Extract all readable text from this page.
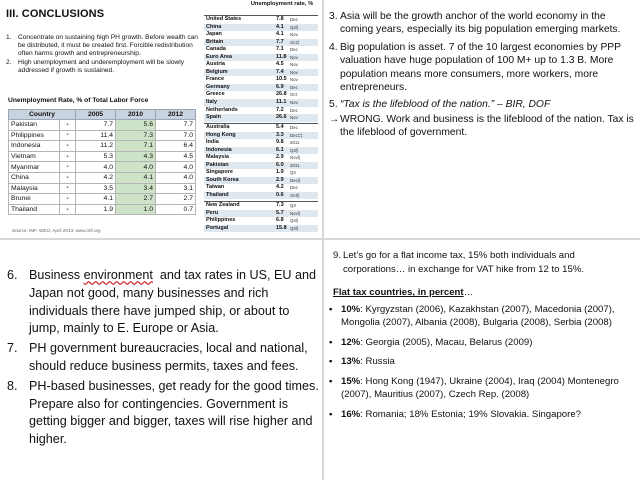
III. CONCLUSIONS
1. Concentrate on sustaining high PH growth. Before wealth can be distributed, it must be created first. Forcible redistribution often harms growth and entrepreneurship.
2. High unemployment and underemployment will be slowly addressed if growth is sustained.
Unemployment Rate, % of Total Labor Force
Country		2005	2010	2012
Pakistan	▪	7.7	5.6	7.7
Philippines	▪	11.4	7.3	7.0
Indonesia	▪	11.2	7.1	6.4
Vietnam	▪	5.3	4.3	4.5
Myanmar	▪	4.0	4.0	4.0
China	▪	4.2	4.1	4.0
Malaysia	▪	3.5	3.4	3.1
Brunei	▪	4.1	2.7	2.7
Thailand	▪	1.9	1.0	0.7
Source: IMF, WEO, April 2013; www.imf.org
Unemployment rate, %
United States	7.8 Dec
China	4.1 Q3§
Japan	4.1 Nov
Britain	7.7 Oct‡
Canada	7.1 Dec
Euro Area	11.8 Nov
Austria	4.5 Nov
Belgium	7.4 Nov
France	10.5 Nov
Germany	6.9 Dec
Greece	26.8 Oct
Italy	11.1 Nov
Netherlands	7.2 Dec
Spain	26.6 Nov
Australia	5.4 Dec
Hong Kong	3.3 Dec‡‡
India	9.8 2011
Indonesia	6.1 Q3§
Malaysia	2.9 Nov§
Pakistan	6.0 2011
Singapore	1.9 Q3
South Korea	2.9 Dec§
Taiwan	4.2 Dec
Thailand	0.6 Oct§
New Zealand	7.3 Q3
Peru	5.7 Nov§
Philippines	6.8 Q4§
Portugal	15.8 Q3§
3. Asia will be the growth anchor of the world economy in the coming years, especially its big population emerging markets.
4. Big population is asset. 7 of the 10 largest economies by PPP valuation have huge population of 100 M+ up to 1.3 B. More population means more consumers, more workers, more entrepreneurs.
5. “Tax is the lifeblood of the nation.” – BIR, DOF
→ WRONG. Work and business is the lifeblood of the nation. Tax is the lifeblood of government.
6. Business environment  and tax rates in US, EU and Japan not good, many businesses and rich individuals there have jumped ship, or about to jump, mainly to E. Europe or Asia.
7. PH government bureaucracies, local and national, should reduce business permits, taxes and fees.
8. PH-based businesses, get ready for the good times. Prepare also for contingencies. Government is getting bigger and bigger, taxes will rise higher and higher.
9. Let’s go for a flat income tax, 15% both individuals and corporations… in exchange for VAT hike from 12 to 15%.
Flat tax countries, in percent…
• 10%: Kyrgyzstan (2006), Kazakhstan (2007), Macedonia (2007), Mongolia (2007), Albania (2008), Bulgaria (2008), Serbia (2008)
• 12%: Georgia (2005), Macau, Belarus (2009)
• 13%: Russia
• 15%: Hong Kong (1947), Ukraine (2004), Iraq (2004) Montenegro (2007), Mauritius (2007), Czech Rep. (2008)
• 16%: Romania; 18% Estonia; 19% Slovakia. Singapore?
